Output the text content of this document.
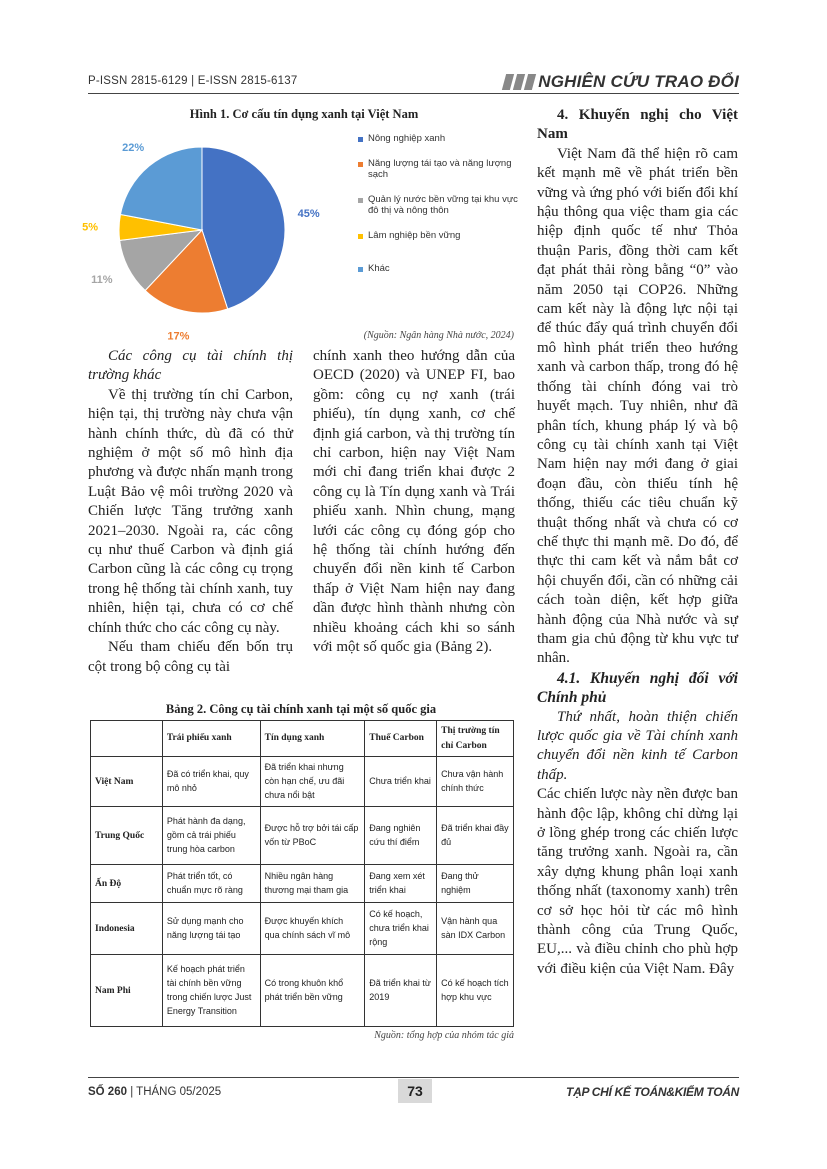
P-ISSN 2815-6129 | E-ISSN 2815-6137	NGHIÊN CỨU TRAO ĐỔI
Hình 1. Cơ cấu tín dụng xanh tại Việt Nam
45%
17%
11%
5%
22%
Nông nghiệp xanh
Năng lượng tái tạo và năng lượng sạch
Quản lý nước bền vững tại khu vực đô thị và nông thôn
Lâm nghiệp bền vững
Khác
(Nguồn: Ngân hàng Nhà nước, 2024)

Các công cụ tài chính thị trường khác

Về thị trường tín chỉ Carbon, hiện tại, thị trường này chưa vận hành chính thức, dù đã có thử nghiệm ở một số mô hình địa phương và được nhấn mạnh trong Luật Bảo vệ môi trường 2020 và Chiến lược Tăng trưởng xanh 2021–2030. Ngoài ra, các công cụ như thuế Carbon và định giá Carbon cũng là các công cụ trọng trong hệ thống tài chính xanh, tuy nhiên, hiện tại, chưa có cơ chế chính thức cho các công cụ này.

Nếu tham chiếu đến bốn trụ cột trong bộ công cụ tài

chính xanh theo hướng dẫn của OECD (2020) và UNEP FI, bao gồm: công cụ nợ xanh (trái phiếu), tín dụng xanh, cơ chế định giá carbon, và thị trường tín chỉ carbon, hiện nay Việt Nam mới chỉ đang triển khai được 2 công cụ là Tín dụng xanh và Trái phiếu xanh. Nhìn chung, mạng lưới các công cụ đóng góp cho hệ thống tài chính hướng đến chuyển đổi nền kinh tế Carbon thấp ở Việt Nam hiện nay đang dần được hình thành nhưng còn nhiều khoảng cách khi so sánh với một số quốc gia (Bảng 2).

4. Khuyến nghị cho Việt Nam

Việt Nam đã thể hiện rõ cam kết mạnh mẽ về phát triển bền vững và ứng phó với biến đổi khí hậu thông qua việc tham gia các hiệp định quốc tế như Thỏa thuận Paris, đồng thời cam kết đạt phát thải ròng bằng “0” vào năm 2050 tại COP26. Những cam kết này là động lực nội tại để thúc đẩy quá trình chuyển đổi mô hình phát triển theo hướng xanh và carbon thấp, trong đó hệ thống tài chính đóng vai trò huyết mạch. Tuy nhiên, như đã phân tích, khung pháp lý và bộ công cụ tài chính xanh tại Việt Nam hiện nay mới đang ở giai đoạn đầu, còn thiếu tính hệ thống, thiếu các tiêu chuẩn kỹ thuật thống nhất và chưa có cơ chế thực thi mạnh mẽ. Do đó, để thực thi cam kết và nắm bắt cơ hội chuyển đổi, cần có những cải cách toàn diện, kết hợp giữa hành động của Nhà nước và sự tham gia chủ động từ khu vực tư nhân.

4.1. Khuyến nghị đối với Chính phủ

Thứ nhất, hoàn thiện chiến lược quốc gia về Tài chính xanh chuyển đổi nền kinh tế Carbon thấp.

Các chiến lược này nền được ban hành độc lập, không chỉ dừng lại ở lồng ghép trong các chiến lược tăng trưởng xanh. Ngoài ra, cần xây dựng khung phân loại xanh thống nhất (taxonomy xanh) trên cơ sở học hỏi từ các mô hình thành công của Trung Quốc, EU,... và điều chỉnh cho phù hợp với điều kiện của Việt Nam. Đây

Bảng 2. Công cụ tài chính xanh tại một số quốc gia
	Trái phiếu xanh	Tín dụng xanh	Thuế Carbon	Thị trường tín chỉ Carbon
Việt Nam	Đã có triển khai, quy mô nhỏ	Đã triển khai nhưng còn hạn chế, ưu đãi chưa nổi bật	Chưa triển khai	Chưa vận hành chính thức
Trung Quốc	Phát hành đa dạng, gồm cả trái phiếu trung hòa carbon	Được hỗ trợ bởi tái cấp vốn từ PBoC	Đang nghiên cứu thí điểm	Đã triển khai đầy đủ
Ấn Độ	Phát triển tốt, có chuẩn mực rõ ràng	Nhiều ngân hàng thương mại tham gia	Đang xem xét triển khai	Đang thử nghiệm
Indonesia	Sử dụng mạnh cho năng lượng tái tạo	Được khuyến khích qua chính sách vĩ mô	Có kế hoạch, chưa triển khai rộng	Vận hành qua sàn IDX Carbon
Nam Phi	Kế hoạch phát triển tài chính bền vững trong chiến lược Just Energy Transition	Có trong khuôn khổ phát triển bền vững	Đã triển khai từ 2019	Có kế hoạch tích hợp khu vực
Nguồn: tổng hợp của nhóm tác giả
SỐ 260 | THÁNG 05/2025	73	TẠP CHÍ KẾ TOÁN&KIỂM TOÁN
